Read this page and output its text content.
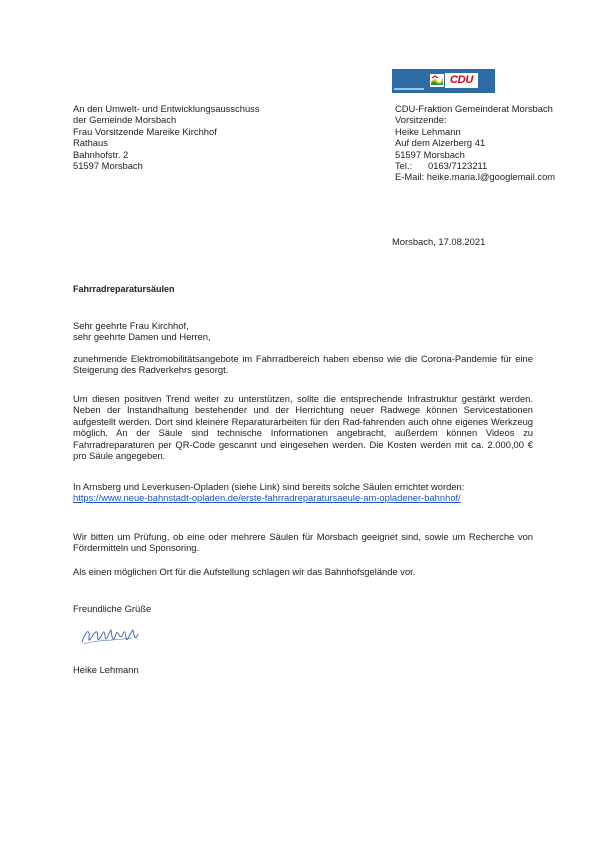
CDU
An den Umwelt- und Entwicklungsausschuss
der Gemeinde Morsbach
Frau Vorsitzende Mareike Kirchhof
Rathaus
Bahnhofstr. 2
51597 Morsbach
CDU-Fraktion Gemeinderat Morsbach
Vorsitzende:
Heike Lehmann
Auf dem Alzerberg 41
51597 Morsbach
Tel.: 0163/7123211
E-Mail: heike.maria.l@googlemail.com
Morsbach, 17.08.2021
Fahrradreparatursäulen
Sehr geehrte Frau Kirchhof,
sehr geehrte Damen und Herren,
zunehmende Elektromobilitätsangebote im Fahrradbereich haben ebenso wie die Corona-Pandemie für eine Steigerung des Radverkehrs gesorgt.
Um diesen positiven Trend weiter zu unterstützen, sollte die entsprechende Infrastruktur gestärkt werden. Neben der Instandhaltung bestehender und der Herrichtung neuer Radwege können Servicestationen aufgestellt werden. Dort sind kleinere Reparaturarbeiten für den Rad-fahrenden auch ohne eigenes Werkzeug möglich. An der Säule sind technische Informationen angebracht, außerdem können Videos zu Fahrradreparaturen per QR-Code gescannt und eingesehen werden. Die Kosten werden mit ca. 2.000,00 € pro Säule angegeben.
In Arnsberg und Leverkusen-Opladen (siehe Link) sind bereits solche Säulen errichtet worden:
https://www.neue-bahnstadt-opladen.de/erste-fahrradreparatursaeule-am-opladener-bahnhof/
Wir bitten um Prüfung, ob eine oder mehrere Säulen für Morsbach geeignet sind, sowie um Recherche von Fördermitteln und Sponsoring.
Als einen möglichen Ort für die Aufstellung schlagen wir das Bahnhofsgelände vor.
Freundliche Grüße
Heike Lehmann
